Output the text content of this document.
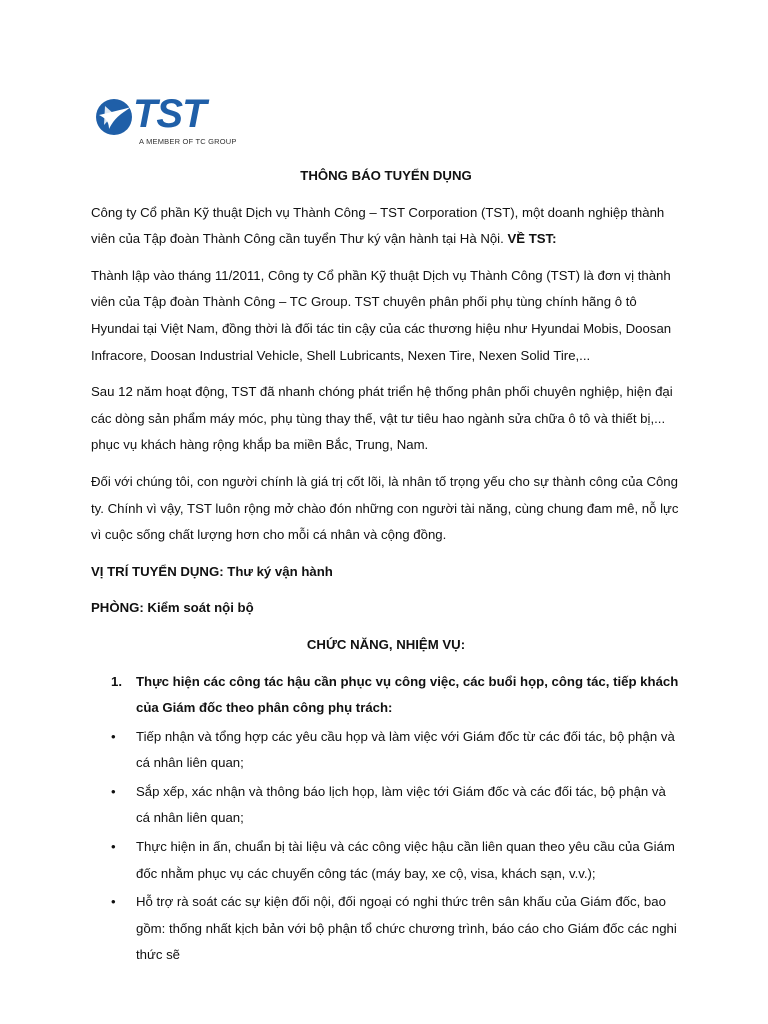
TST
A MEMBER OF TC GROUP

THÔNG BÁO TUYỂN DỤNG

Công ty Cổ phần Kỹ thuật Dịch vụ Thành Công – TST Corporation (TST), một doanh nghiệp thành viên của Tập đoàn Thành Công cần tuyển Thư ký vận hành tại Hà Nội. VỀ TST:

Thành lập vào tháng 11/2011, Công ty Cổ phần Kỹ thuật Dịch vụ Thành Công (TST) là đơn vị thành viên của Tập đoàn Thành Công – TC Group. TST chuyên phân phối phụ tùng chính hãng ô tô Hyundai tại Việt Nam, đồng thời là đối tác tin cậy của các thương hiệu như Hyundai Mobis, Doosan Infracore, Doosan Industrial Vehicle, Shell Lubricants, Nexen Tire, Nexen Solid Tire,...

Sau 12 năm hoạt động, TST đã nhanh chóng phát triển hệ thống phân phối chuyên nghiệp, hiện đại các dòng sản phẩm máy móc, phụ tùng thay thế, vật tư tiêu hao ngành sửa chữa ô tô và thiết bị,... phục vụ khách hàng rộng khắp ba miền Bắc, Trung, Nam.

Đối với chúng tôi, con người chính là giá trị cốt lõi, là nhân tố trọng yếu cho sự thành công của Công ty. Chính vì vậy, TST luôn rộng mở chào đón những con người tài năng, cùng chung đam mê, nỗ lực vì cuộc sống chất lượng hơn cho mỗi cá nhân và cộng đồng.

VỊ TRÍ TUYỂN DỤNG: Thư ký vận hành

PHÒNG: Kiểm soát nội bộ

CHỨC NĂNG, NHIỆM VỤ:

1. Thực hiện các công tác hậu cần phục vụ công việc, các buổi họp, công tác, tiếp khách của Giám đốc theo phân công phụ trách:

• Tiếp nhận và tổng hợp các yêu cầu họp và làm việc với Giám đốc từ các đối tác, bộ phận và cá nhân liên quan;

• Sắp xếp, xác nhận và thông báo lịch họp, làm việc tới Giám đốc và các đối tác, bộ phận và cá nhân liên quan;

• Thực hiện in ấn, chuẩn bị tài liệu và các công việc hậu cần liên quan theo yêu cầu của Giám đốc nhằm phục vụ các chuyến công tác (máy bay, xe cộ, visa, khách sạn, v.v.);

• Hỗ trợ rà soát các sự kiện đối nội, đối ngoại có nghi thức trên sân khấu của Giám đốc, bao gồm: thống nhất kịch bản với bộ phận tổ chức chương trình, báo cáo cho Giám đốc các nghi thức sẽ
